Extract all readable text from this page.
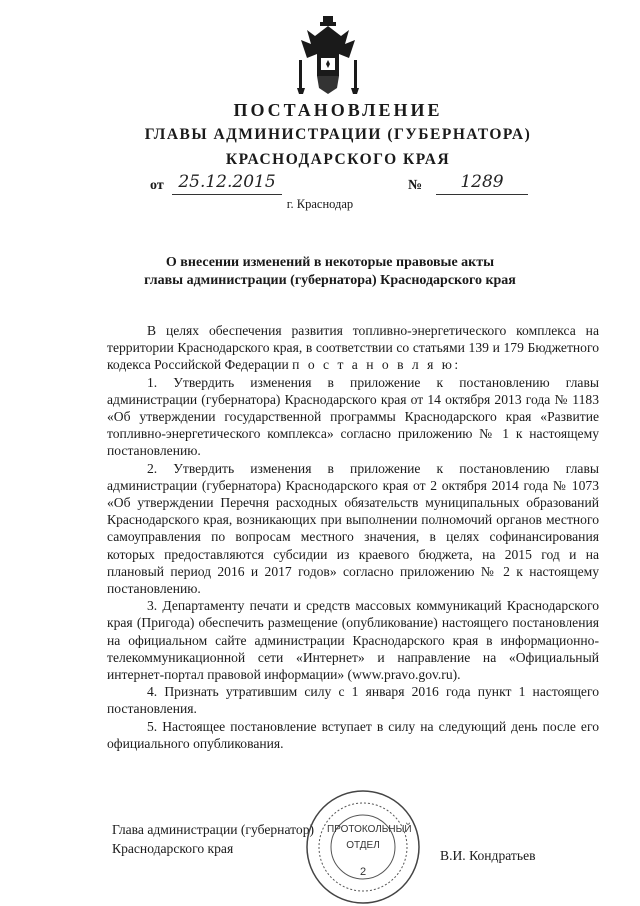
ПОСТАНОВЛЕНИЕ
ГЛАВЫ АДМИНИСТРАЦИИ (ГУБЕРНАТОРА)
КРАСНОДАРСКОГО КРАЯ
от 25.12.2015	№	1289
г. Краснодар
О внесении изменений в некоторые правовые акты
главы администрации (губернатора) Краснодарского края

В целях обеспечения развития топливно-энергетического комплекса на территории Краснодарского края, в соответствии со статьями 139 и 179 Бюджетного кодекса Российской Федерации п о с т а н о в л я ю:

1. Утвердить изменения в приложение к постановлению главы администрации (губернатора) Краснодарского края от 14 октября 2013 года № 1183 «Об утверждении государственной программы Краснодарского края «Развитие топливно-энергетического комплекса» согласно приложению № 1 к настоящему постановлению.

2. Утвердить изменения в приложение к постановлению главы администрации (губернатора) Краснодарского края от 2 октября 2014 года № 1073 «Об утверждении Перечня расходных обязательств муниципальных образований Краснодарского края, возникающих при выполнении полномочий органов местного самоуправления по вопросам местного значения, в целях софинансирования которых предоставляются субсидии из краевого бюджета, на 2015 год и на плановый период 2016 и 2017 годов» согласно приложению № 2 к настоящему постановлению.

3. Департаменту печати и средств массовых коммуникаций Краснодарского края (Пригода) обеспечить размещение (опубликование) настоящего постановления на официальном сайте администрации Краснодарского края в информационно-телекоммуникационной сети «Интернет» и направление на «Официальный интернет-портал правовой информации» (www.pravo.gov.ru).

4. Признать утратившим силу с 1 января 2016 года пункт 1 настоящего постановления.

5. Настоящее постановление вступает в силу на следующий день после его официального опубликования.

Глава администрации (губернатор)
Краснодарского края	В.И. Кондратьев
ПРОТОКОЛЬНЫЙ
ОТДЕЛ
2
